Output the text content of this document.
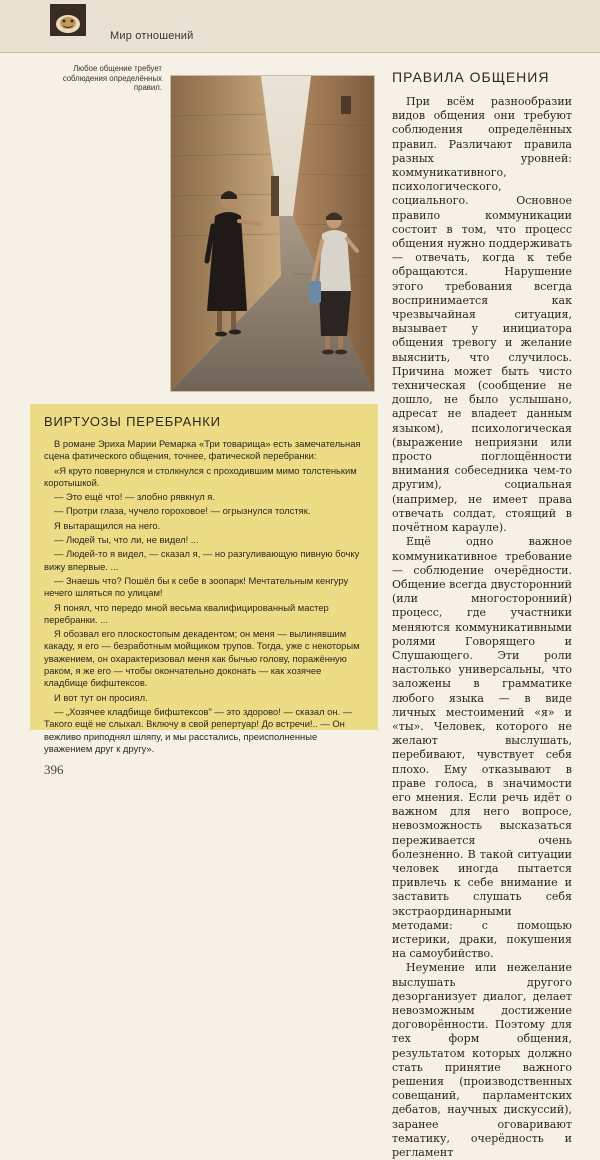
Мир отношений
Любое общение требует соблюдения определённых правил.
ПРАВИЛА ОБЩЕНИЯ

При всём разнообразии видов общения они требуют соблюдения определённых правил. Различают правила разных уровней: коммуникативного, психологического, социального. Основное правило коммуникации состоит в том, что процесс общения нужно поддерживать — отвечать, когда к тебе обращаются. Нарушение этого требования всегда воспринимается как чрезвычайная ситуация, вызывает у инициатора общения тревогу и желание выяснить, что случилось. Причина может быть чисто техническая (сообщение не дошло, не было услышано, адресат не владеет данным языком), психологическая (выражение неприязни или просто поглощённости внимания собеседника чем-то другим), социальная (например, не имеет права отвечать солдат, стоящий в почётном карауле).

Ещё одно важное коммуникативное требование — соблюдение очерёдности. Общение всегда двусторонний (или многосторонний) процесс, где участники меняются коммуникативными ролями Говорящего и Слушающего. Эти роли настолько универсальны, что заложены в грамматике любого языка — в виде личных местоимений «я» и «ты». Человек, которого не желают выслушать, перебивают, чувствует себя плохо. Ему отказывают в праве голоса, в значимости его мнения. Если речь идёт о важном для него вопросе, невозможность высказаться переживается очень болезненно. В такой ситуации человек иногда пытается привлечь к себе внимание и заставить слушать себя экстраординарными методами: с помощью истерики, драки, покушения на самоубийство.

Неумение или нежелание выслушать другого дезорганизует диалог, делает невозможным достижение договорённости. Поэтому для тех форм общения, результатом которых должно стать принятие важного решения (производственных совещаний, парламентских дебатов, научных дискуссий), заранее оговаривают тематику, очерёдность и регламент

ВИРТУОЗЫ ПЕРЕБРАНКИ

В романе Эриха Марии Ремарка «Три товарища» есть замечательная сцена фатического общения, точнее, фатической перебранки:

«Я круто повернулся и столкнулся с проходившим мимо толстеньким коротышкой.

— Это ещё что! — злобно рявкнул я.

— Протри глаза, чучело гороховое! — огрызнулся толстяк.

Я вытаращился на него.

— Людей ты, что ли, не видел! ...

— Людей-то я видел, — сказал я, — но разгуливающую пивную бочку вижу впервые. ...

— Знаешь что? Пошёл бы к себе в зоопарк! Мечтательным кенгуру нечего шляться по улицам!

Я понял, что передо мной весьма квалифицированный мастер перебранки. ...

Я обозвал его плоскостопым декадентом; он меня — вылинявшим какаду, я его — безработным мойщиком трупов. Тогда, уже с некоторым уважением, он охарактеризовал меня как бычью голову, поражённую раком, я же его — чтобы окончательно доконать — как хозячее кладбище бифштексов.

И вот тут он просиял.

— „Хозячее кладбище бифштексов" — это здорово! — сказал он. — Такого ещё не слыхал. Включу в свой репертуар! До встречи!.. — Он вежливо приподнял шляпу, и мы расстались, преисполненные уважением друг к другу».

396
